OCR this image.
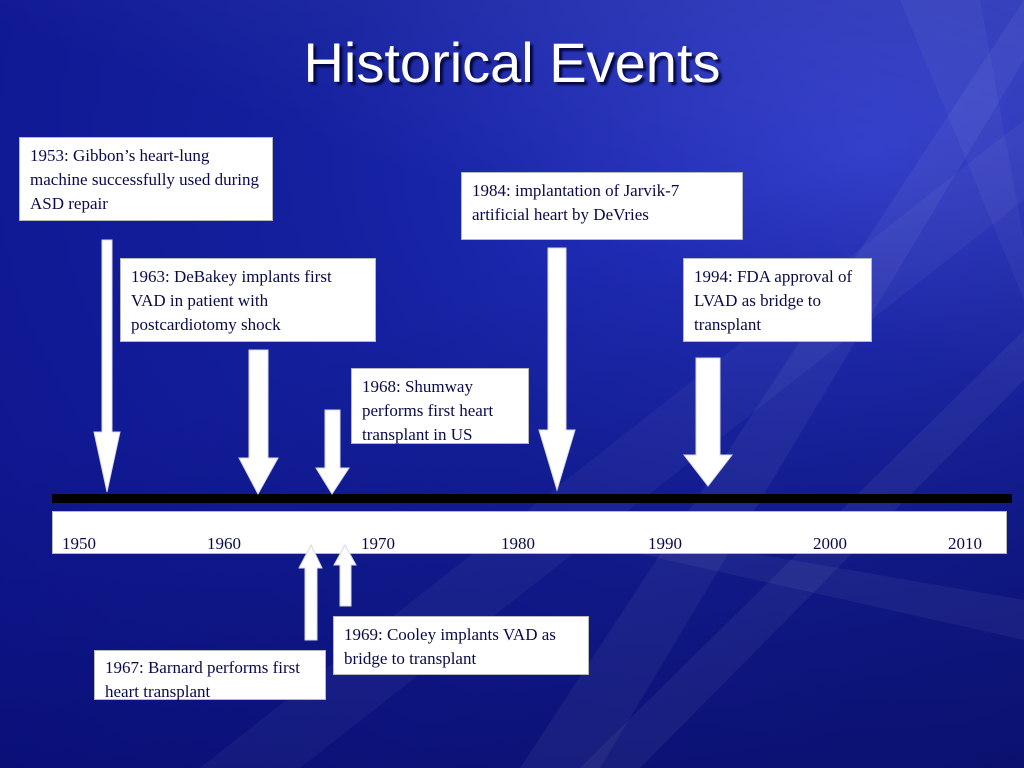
Historical Events
1953: Gibbon’s heart-lung machine successfully used during ASD repair
1963: DeBakey implants first VAD in patient with postcardiotomy shock
1968: Shumway performs first heart transplant in US
1984: implantation of Jarvik-7 artificial heart by DeVries
1994: FDA approval of LVAD as bridge to transplant
1969: Cooley implants VAD as bridge to transplant
1967: Barnard performs first heart transplant
1950	1960	1970	1980	1990	2000	2010
